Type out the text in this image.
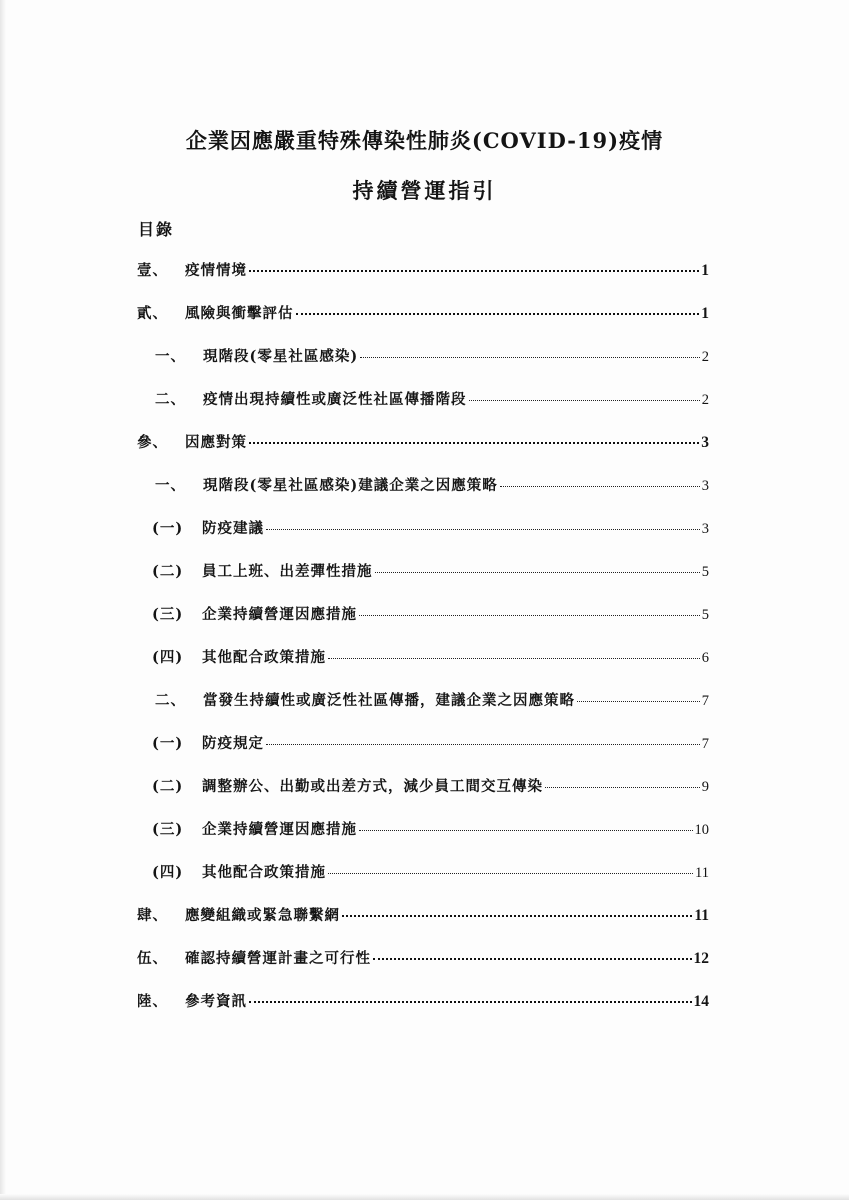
企業因應嚴重特殊傳染性肺炎(COVID-19)疫情
持續營運指引
目錄
壹、	疫情情境	1
貳、	風險與衝擊評估	1
一、	現階段(零星社區感染)	2
二、	疫情出現持續性或廣泛性社區傳播階段	2
參、	因應對策	3
一、	現階段(零星社區感染)建議企業之因應策略	3
(一)	防疫建議	3
(二)	員工上班、出差彈性措施	5
(三)	企業持續營運因應措施	5
(四)	其他配合政策措施	6
二、	當發生持續性或廣泛性社區傳播，建議企業之因應策略	7
(一)	防疫規定	7
(二)	調整辦公、出勤或出差方式，減少員工間交互傳染	9
(三)	企業持續營運因應措施	10
(四)	其他配合政策措施	11
肆、	應變組織或緊急聯繫網	11
伍、	確認持續營運計畫之可行性	12
陸、	參考資訊	14
